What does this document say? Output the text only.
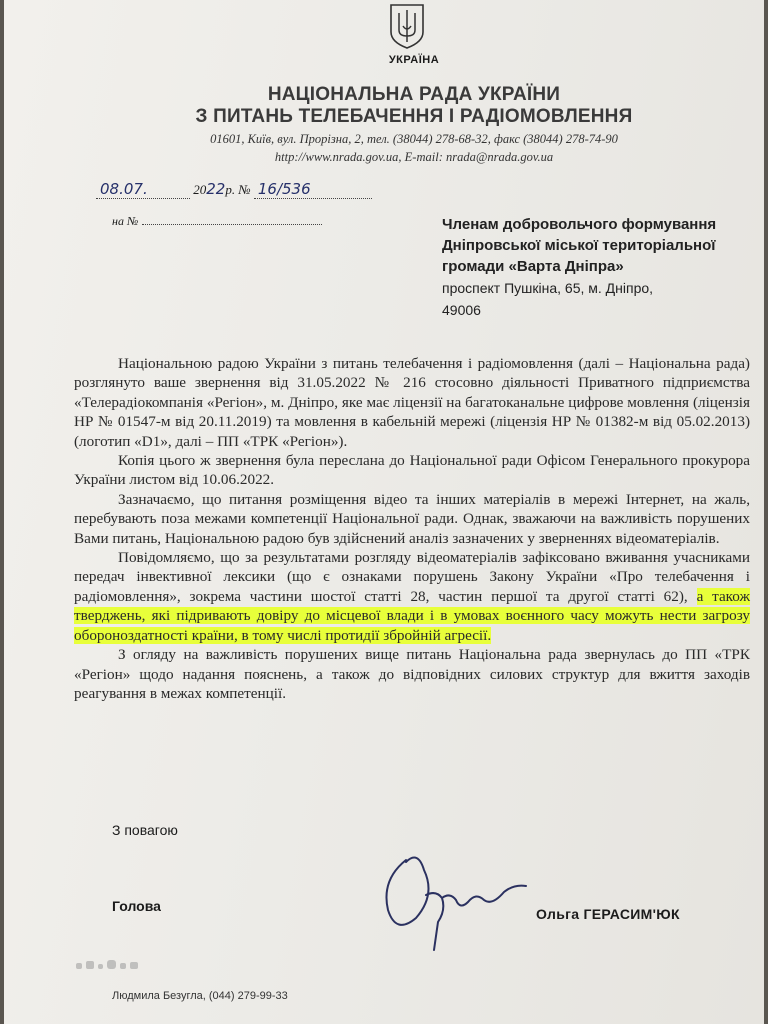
УКРАЇНА
НАЦІОНАЛЬНА РАДА УКРАЇНИ
З ПИТАНЬ ТЕЛЕБАЧЕННЯ І РАДІОМОВЛЕННЯ
01601, Київ, вул. Прорізна, 2, тел. (38044) 278-68-32, факс (38044) 278-74-90
http://www.nrada.gov.ua, E-mail: nrada@nrada.gov.ua
08.07.	2022р. № 16/536
на №	Членам добровольчого формування
Дніпровської міської територіальної
громади «Варта Дніпра»
проспект Пушкіна, 65, м. Дніпро,
49006

Національною радою України з питань телебачення і радіомовлення (далі – Національна рада) розглянуто ваше звернення від 31.05.2022 № 216 стосовно діяльності Приватного підприємства «Телерадіокомпанія «Регіон», м. Дніпро, яке має ліцензії на багатоканальне цифрове мовлення (ліцензія НР № 01547-м від 20.11.2019) та мовлення в кабельній мережі (ліцензія НР № 01382-м від 05.02.2013) (логотип «D1», далі – ПП «ТРК «Регіон»).

Копія цього ж звернення була переслана до Національної ради Офісом Генерального прокурора України листом від 10.06.2022.

Зазначаємо, що питання розміщення відео та інших матеріалів в мережі Інтернет, на жаль, перебувають поза межами компетенції Національної ради. Однак, зважаючи на важливість порушених Вами питань, Національною радою був здійснений аналіз зазначених у зверненнях відеоматеріалів.

Повідомляємо, що за результатами розгляду відеоматеріалів зафіксовано вживання учасниками передач інвективної лексики (що є ознаками порушень Закону України «Про телебачення і радіомовлення», зокрема частини шостої статті 28, частин першої та другої статті 62), а також тверджень, які підривають довіру до місцевої влади і в умовах воєнного часу можуть нести загрозу обороноздатності країни, в тому числі протидії збройній агресії.

З огляду на важливість порушених вище питань Національна рада звернулась до ПП «ТРК «Регіон» щодо надання пояснень, а також до відповідних силових структур для вжиття заходів реагування в межах компетенції.

З повагою
Голова	Ольга ГЕРАСИМ'ЮК
Людмила Безугла, (044) 279-99-33
